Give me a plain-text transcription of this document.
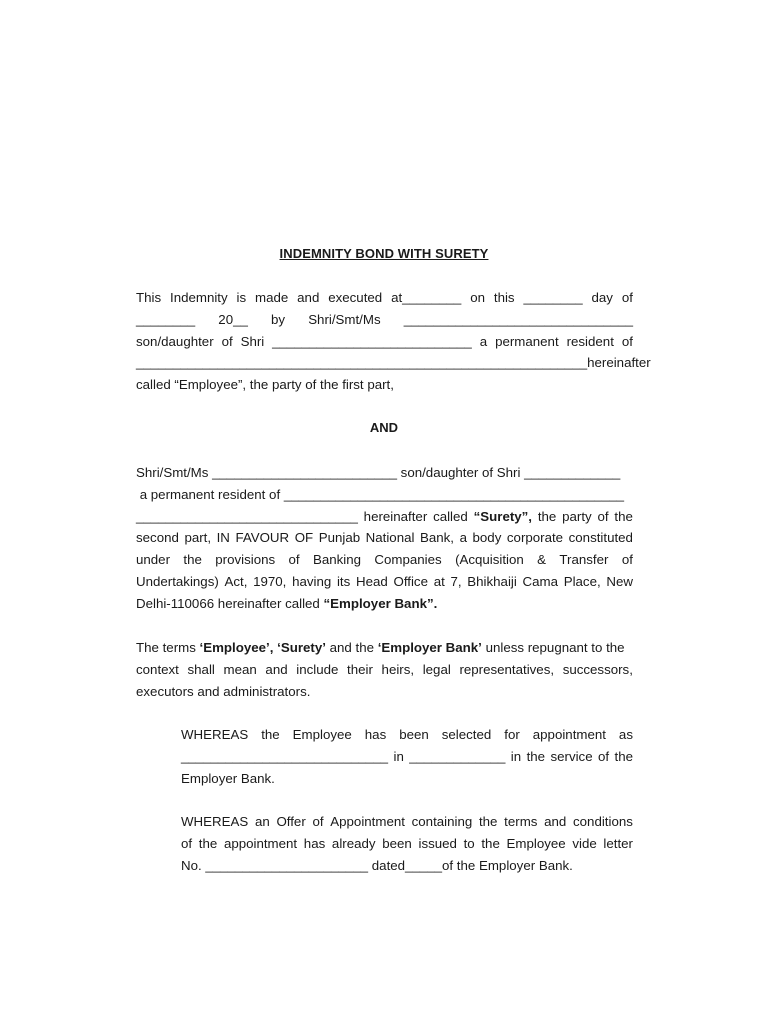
INDEMNITY BOND WITH SURETY
This Indemnity is made and executed at________ on this ________ day of
________ 20__ by Shri/Smt/Ms _______________________________
son/daughter of Shri ___________________________ a permanent resident of
_____________________________________________________________ hereinafter
called “Employee”, the party of the first part,
AND
Shri/Smt/Ms _________________________ son/daughter of Shri _____________
a permanent resident of ______________________________________________
______________________________ hereinafter called “Surety”, the party of the
second part, IN FAVOUR OF Punjab National Bank, a body corporate constituted
under the provisions of Banking Companies (Acquisition & Transfer of
Undertakings) Act, 1970, having its Head Office at 7, Bhikhaiji Cama Place, New
Delhi-110066 hereinafter called “Employer Bank”.
The terms ‘Employee’, ‘Surety’ and the ‘Employer Bank’ unless repugnant to the
context shall mean and include their heirs, legal representatives, successors,
executors and administrators.
WHEREAS the Employee has been selected for appointment as
____________________________ in _____________ in the service of the
Employer Bank.
WHEREAS an Offer of Appointment containing the terms and conditions
of the appointment has already been issued to the Employee vide letter
No. ______________________ dated_____of the Employer Bank.
